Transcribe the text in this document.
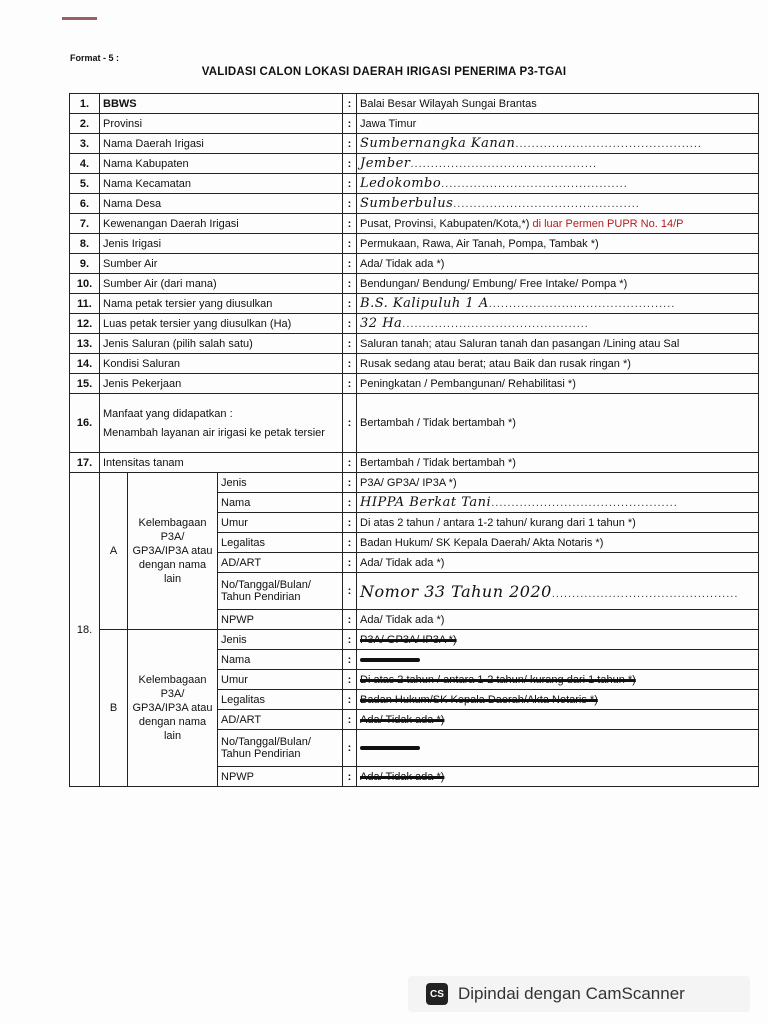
Format - 5 :
VALIDASI CALON LOKASI DAERAH IRIGASI PENERIMA P3-TGAI
1.	BBWS			:	Balai Besar Wilayah Sungai Brantas
2.	Provinsi			:	Jawa Timur
3.	Nama Daerah Irigasi			:	Sumbernangka Kanan..............................................
4.	Nama Kabupaten			:	Jember..............................................
5.	Nama Kecamatan			:	Ledokombo..............................................
6.	Nama Desa			:	Sumberbulus..............................................
7.	Kewenangan Daerah Irigasi			:	Pusat, Provinsi, Kabupaten/Kota,*) di luar Permen PUPR No. 14/P
8.	Jenis Irigasi			:	Permukaan, Rawa, Air Tanah, Pompa, Tambak *)
9.	Sumber Air			:	Ada/ Tidak ada *)
10.	Sumber Air (dari mana)			:	Bendungan/ Bendung/ Embung/ Free Intake/ Pompa *)
11.	Nama petak tersier yang diusulkan			:	B.S. Kalipuluh 1 A..............................................
12.	Luas petak tersier yang diusulkan (Ha)			:	32 Ha..............................................
13.	Jenis Saluran (pilih salah satu)			:	Saluran tanah; atau Saluran tanah dan pasangan /Lining atau Sal
14.	Kondisi Saluran			:	Rusak sedang atau berat; atau Baik dan rusak ringan *)
15.	Jenis Pekerjaan			:	Peningkatan / Pembangunan/ Rehabilitasi *)
16.	Manfaat yang didapatkan :
Menambah layanan air irigasi ke petak tersier			:	Bertambah / Tidak bertambah *)
17.	Intensitas tanam			:	Bertambah / Tidak bertambah *)
18.	A	Kelembagaan P3A/ GP3A/IP3A atau dengan nama lain	Jenis	:	P3A/ GP3A/ IP3A *)
			Nama	:	HIPPA Berkat Tani..............................................
			Umur	:	Di atas 2 tahun / antara 1-2 tahun/ kurang dari 1 tahun *)
			Legalitas	:	Badan Hukum/ SK Kepala Daerah/ Akta Notaris *)
			AD/ART	:	Ada/ Tidak ada *)
			No/Tanggal/Bulan/ Tahun Pendirian	:	Nomor 33 Tahun 2020..............................................
			NPWP	:	Ada/ Tidak ada *)
	B	Kelembagaan P3A/ GP3A/IP3A atau dengan nama lain	Jenis	:	P3A/ GP3A/ IP3A *)
			Nama	:	
			Umur	:	Di atas 2 tahun / antara 1-2 tahun/ kurang dari 1 tahun *)
			Legalitas	:	Badan Hukum/SK Kepala Daerah/Akta Notaris *)
			AD/ART	:	Ada/ Tidak ada *)
			No/Tanggal/Bulan/ Tahun Pendirian	:	
			NPWP	:	Ada/ Tidak ada *)
CS Dipindai dengan CamScanner
